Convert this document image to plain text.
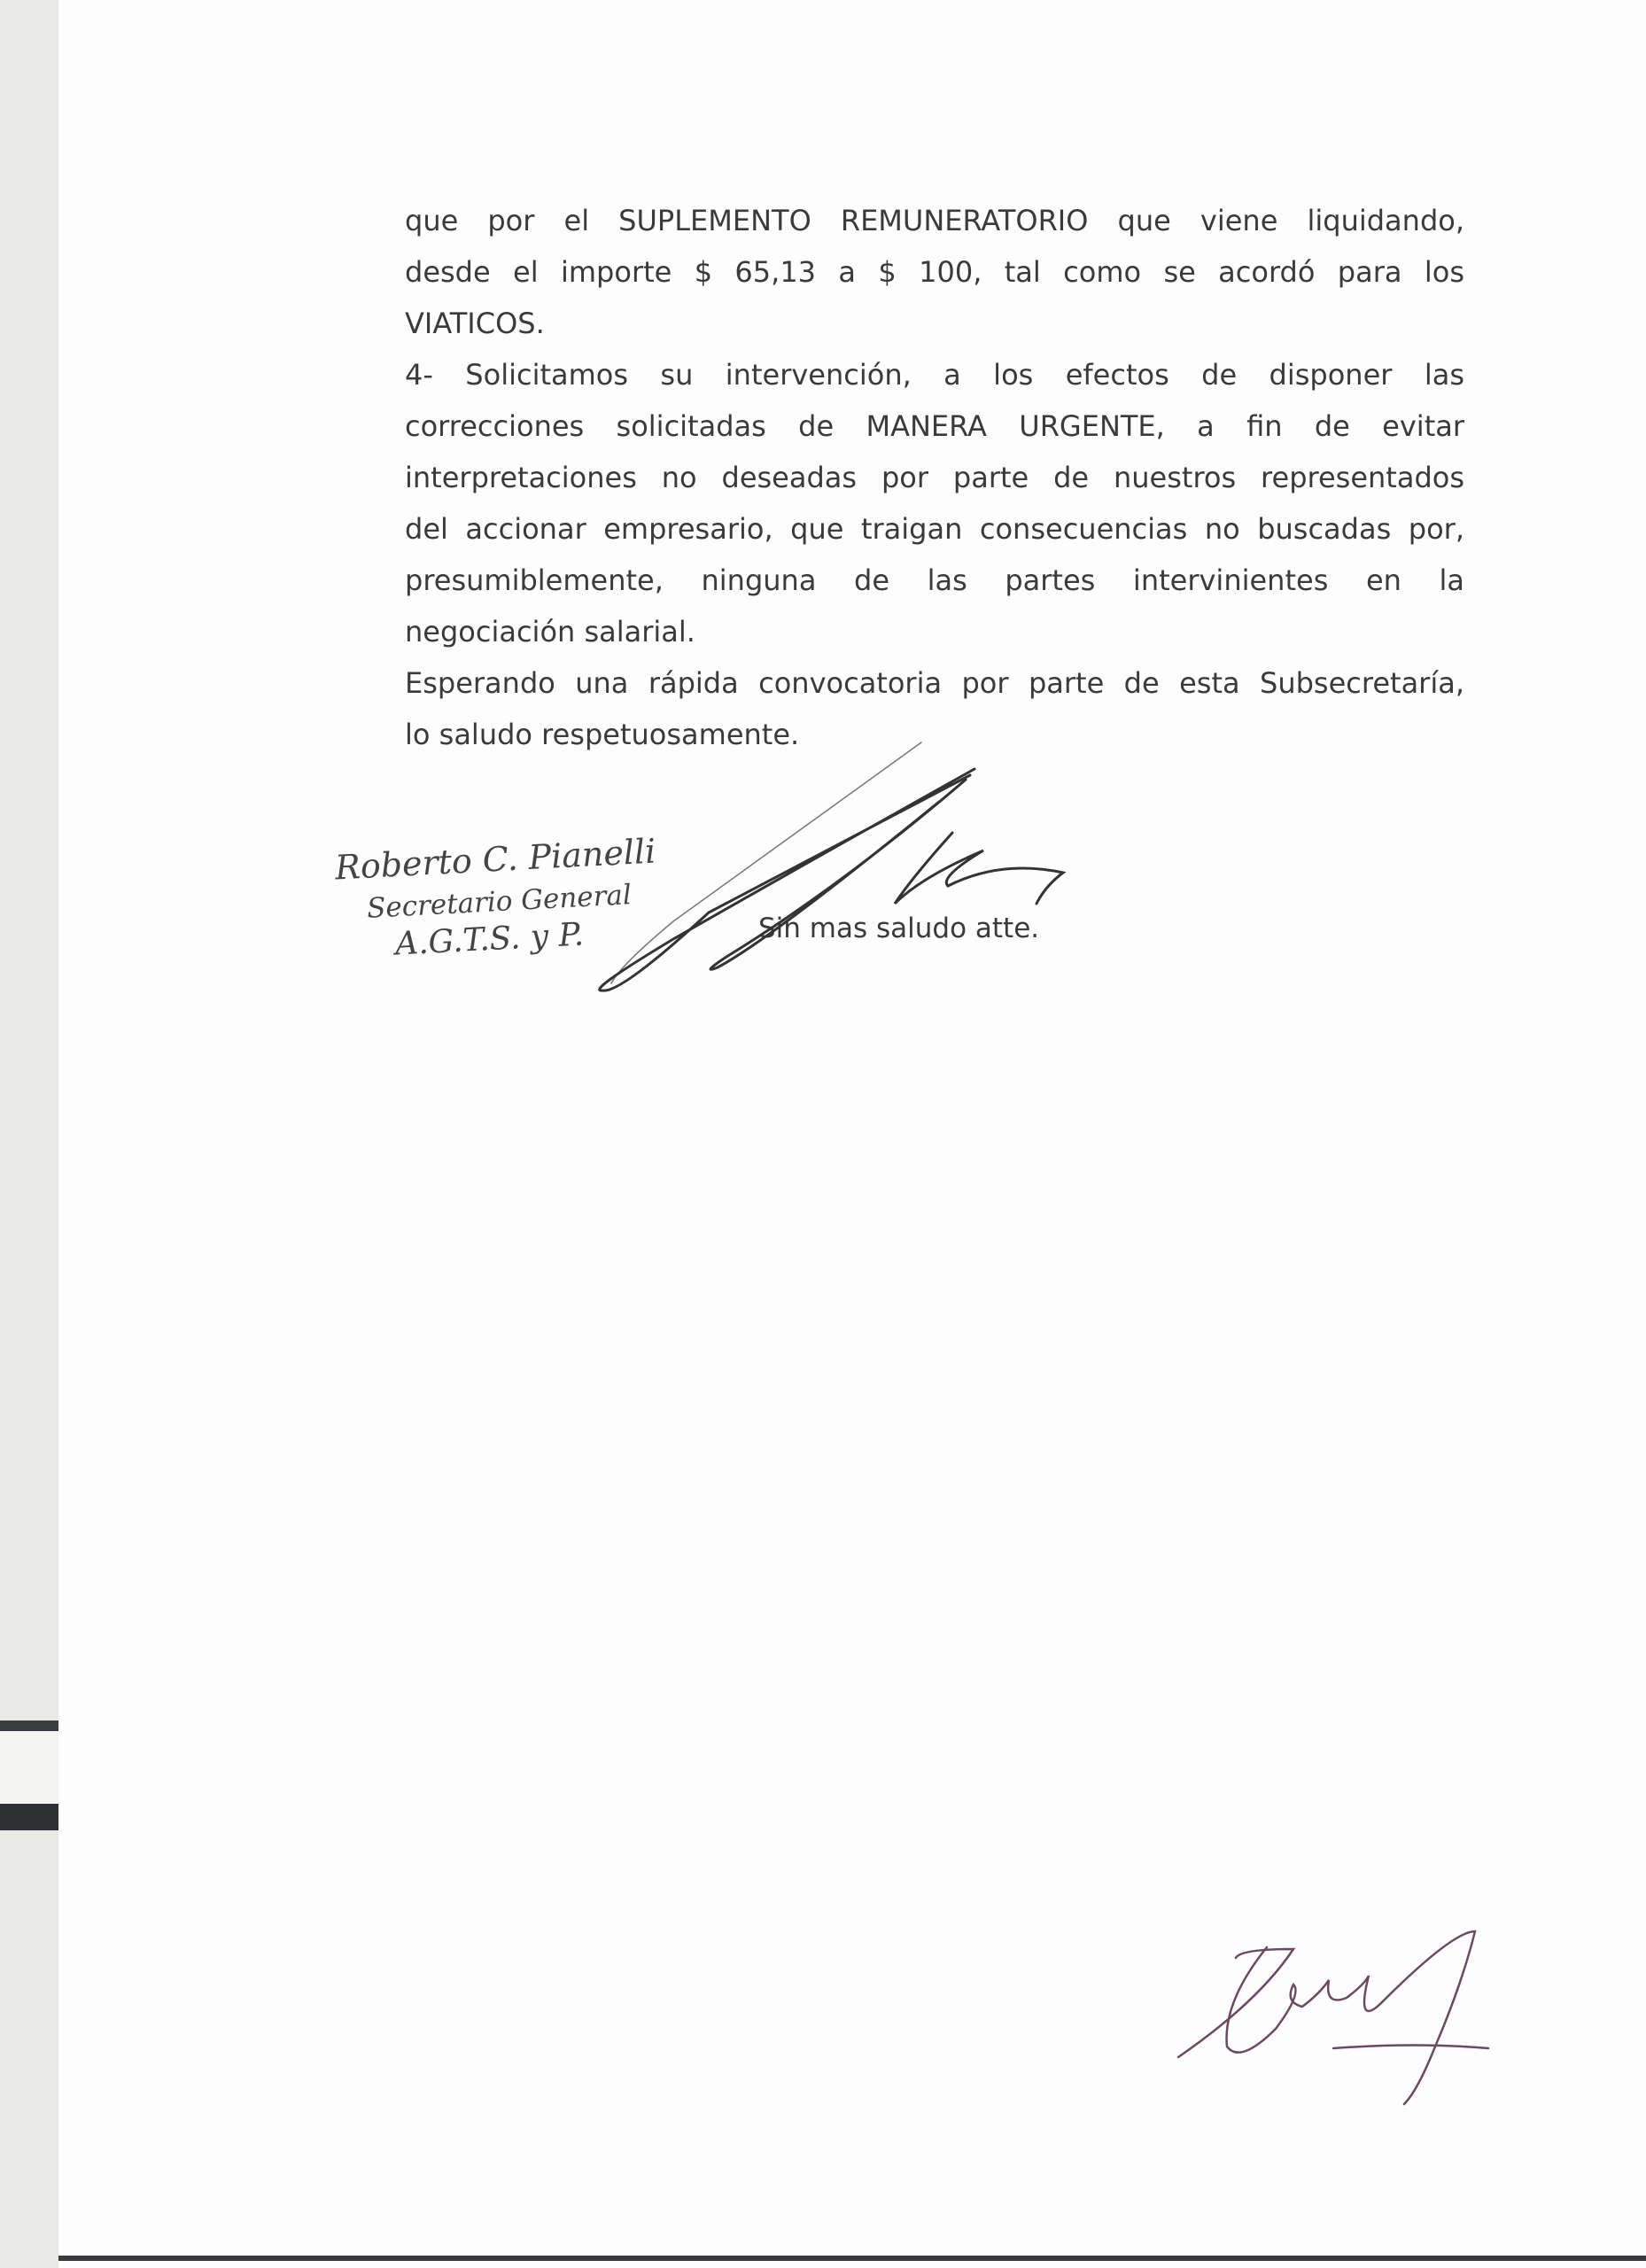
que por el SUPLEMENTO REMUNERATORIO que viene liquidando,
desde el importe $ 65,13 a $ 100, tal como se acordó para los
VIATICOS.
4- Solicitamos su intervención, a los efectos de disponer las
correcciones solicitadas de MANERA URGENTE, a fin de evitar
interpretaciones no deseadas por parte de nuestros representados
del accionar empresario, que traigan consecuencias no buscadas por,
presumiblemente, ninguna de las partes intervinientes en la
negociación salarial.
Esperando una rápida convocatoria por parte de esta Subsecretaría,
lo saludo respetuosamente.
Roberto C. Pianelli
Secretario General
A.G.T.S. y P.	Sin mas saludo atte.
